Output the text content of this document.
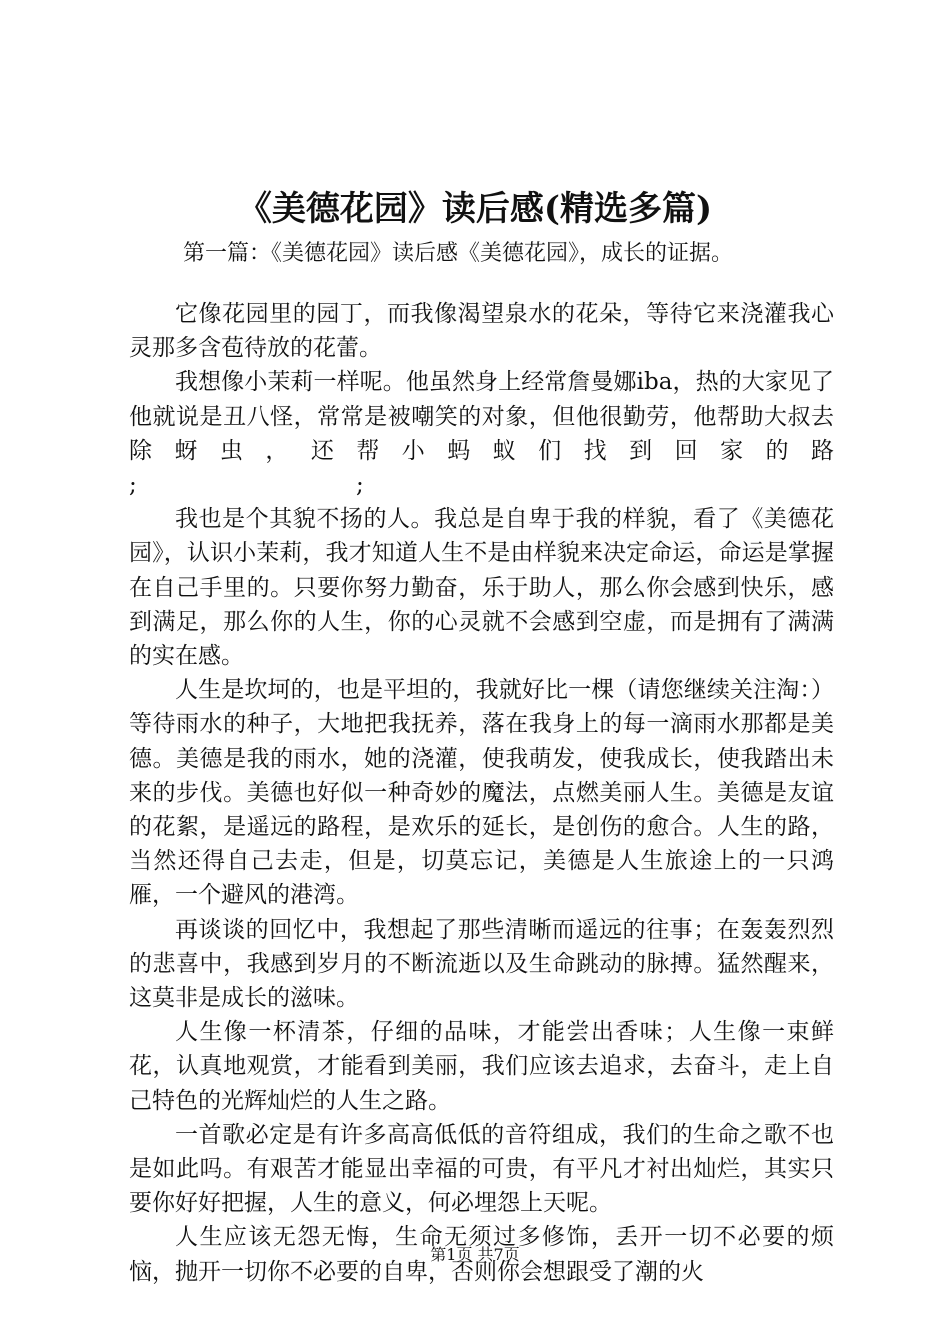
《美德花园》读后感(精选多篇)
第一篇：《美德花园》读后感《美德花园》，成长的证据。

它像花园里的园丁，而我像渴望泉水的花朵，等待它来浇灌我心灵那多含苞待放的花蕾。

我想像小茉莉一样呢。他虽然身上经常詹曼娜iba，热的大家见了他就说是丑八怪，常常是被嘲笑的对象，但他很勤劳，他帮助大叔去除蚜虫，还帮小蚂蚁们找到回家的路

;	;

我也是个其貌不扬的人。我总是自卑于我的样貌，看了《美德花园》，认识小茉莉，我才知道人生不是由样貌来决定命运，命运是掌握在自己手里的。只要你努力勤奋，乐于助人，那么你会感到快乐，感到满足，那么你的人生，你的心灵就不会感到空虚，而是拥有了满满的实在感。

人生是坎坷的，也是平坦的，我就好比一棵（请您继续关注淘：）等待雨水的种子，大地把我抚养，落在我身上的每一滴雨水那都是美德。美德是我的雨水，她的浇灌，使我萌发，使我成长，使我踏出未来的步伐。美德也好似一种奇妙的魔法，点燃美丽人生。美德是友谊的花絮，是遥远的路程，是欢乐的延长，是创伤的愈合。人生的路，当然还得自己去走，但是，切莫忘记，美德是人生旅途上的一只鸿雁，一个避风的港湾。

再谈谈的回忆中，我想起了那些清晰而遥远的往事；在轰轰烈烈的悲喜中，我感到岁月的不断流逝以及生命跳动的脉搏。猛然醒来，这莫非是成长的滋味。

人生像一杯清茶，仔细的品味，才能尝出香味；人生像一束鲜花，认真地观赏，才能看到美丽，我们应该去追求，去奋斗，走上自己特色的光辉灿烂的人生之路。

一首歌必定是有许多高高低低的音符组成，我们的生命之歌不也是如此吗。有艰苦才能显出幸福的可贵，有平凡才衬出灿烂，其实只要你好好把握，人生的意义，何必埋怨上天呢。

人生应该无怨无悔，生命无须过多修饰，丢开一切不必要的烦恼，抛开一切你不必要的自卑，否则你会想跟受了潮的火

第1页 共7页
